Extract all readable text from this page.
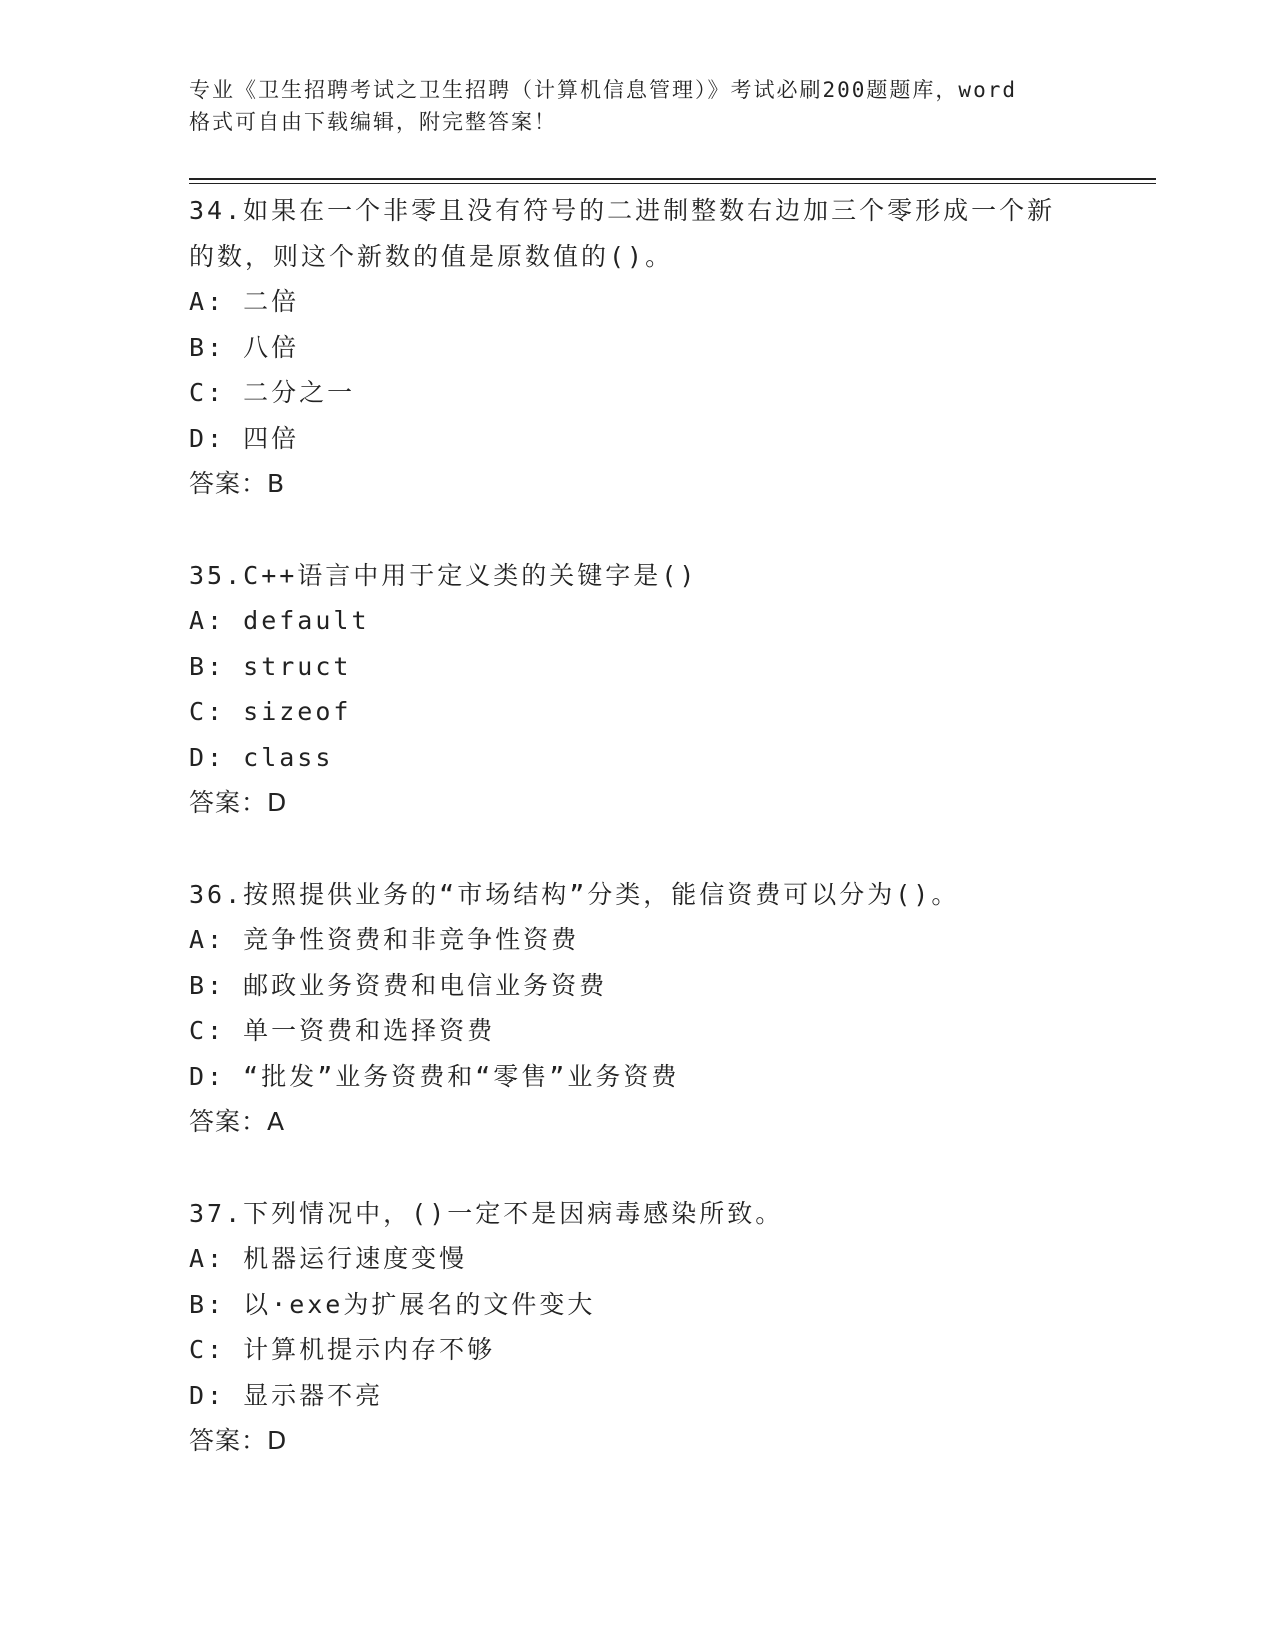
专业《卫生招聘考试之卫生招聘（计算机信息管理）》考试必刷200题题库，word
格式可自由下载编辑，附完整答案！
34.如果在一个非零且没有符号的二进制整数右边加三个零形成一个新
的数，则这个新数的值是原数值的()。
A: 二倍
B: 八倍
C: 二分之一
D: 四倍
答案：B
35.C++语言中用于定义类的关键字是()
A: default
B: struct
C: sizeof
D: class
答案：D
36.按照提供业务的“市场结构”分类，能信资费可以分为()。
A: 竞争性资费和非竞争性资费
B: 邮政业务资费和电信业务资费
C: 单一资费和选择资费
D: “批发”业务资费和“零售”业务资费
答案：A
37.下列情况中，()一定不是因病毒感染所致。
A: 机器运行速度变慢
B: 以·exe为扩展名的文件变大
C: 计算机提示内存不够
D: 显示器不亮
答案：D
